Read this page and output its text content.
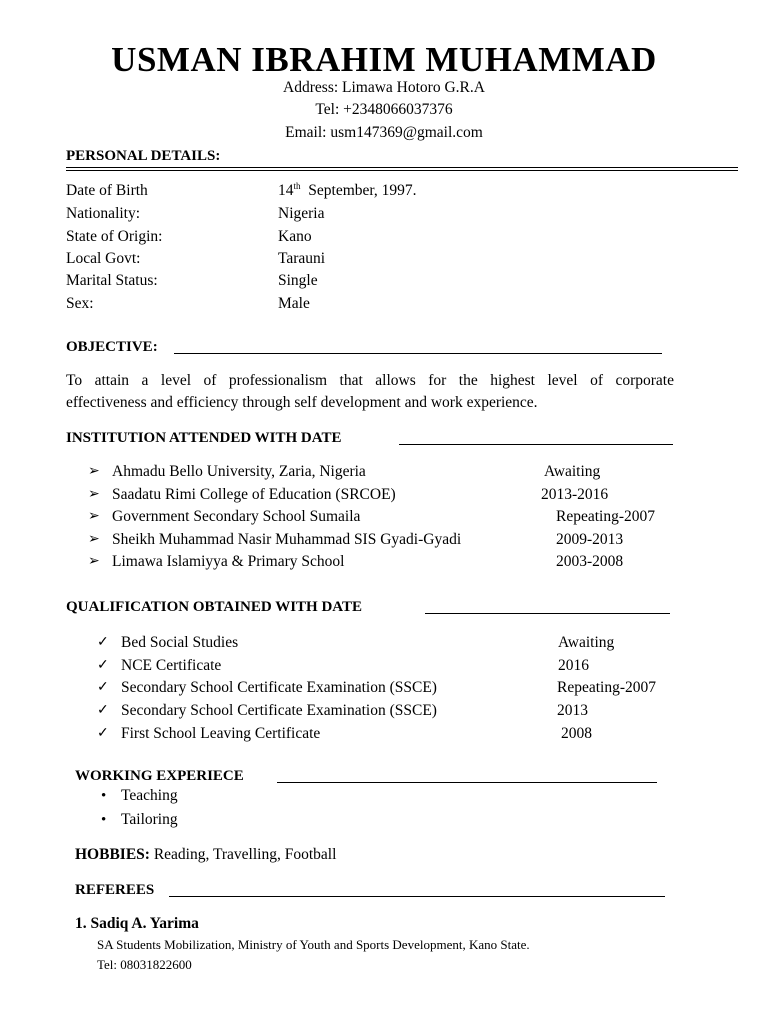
USMAN IBRAHIM MUHAMMAD
Address: Limawa Hotoro G.R.A
Tel: +2348066037376
Email: usm147369@gmail.com
PERSONAL DETAILS:
Date of Birth	14th  September, 1997.
Nationality:	Nigeria
State of Origin:	Kano
Local Govt:	Tarauni
Marital Status:	Single
Sex:	Male
OBJECTIVE:
To attain a level of professionalism that allows for the highest level of corporate
effectiveness and efficiency through self development and work experience.
INSTITUTION ATTENDED WITH DATE
➢ Ahmadu Bello University, Zaria, Nigeria	Awaiting
➢ Saadatu Rimi College of Education (SRCOE)	2013-2016
➢ Government Secondary School Sumaila	Repeating-2007
➢ Sheikh Muhammad Nasir Muhammad SIS Gyadi-Gyadi	2009-2013
➢ Limawa Islamiyya & Primary School	2003-2008
QUALIFICATION OBTAINED WITH DATE
✓ Bed Social Studies	Awaiting
✓ NCE Certificate	2016
✓ Secondary School Certificate Examination (SSCE)	Repeating-2007
✓ Secondary School Certificate Examination (SSCE)	2013
✓ First School Leaving Certificate	2008
WORKING EXPERIECE
• Teaching
• Tailoring
HOBBIES: Reading, Travelling, Football
REFEREES
1. Sadiq A. Yarima
SA Students Mobilization, Ministry of Youth and Sports Development, Kano State.
Tel: 08031822600
